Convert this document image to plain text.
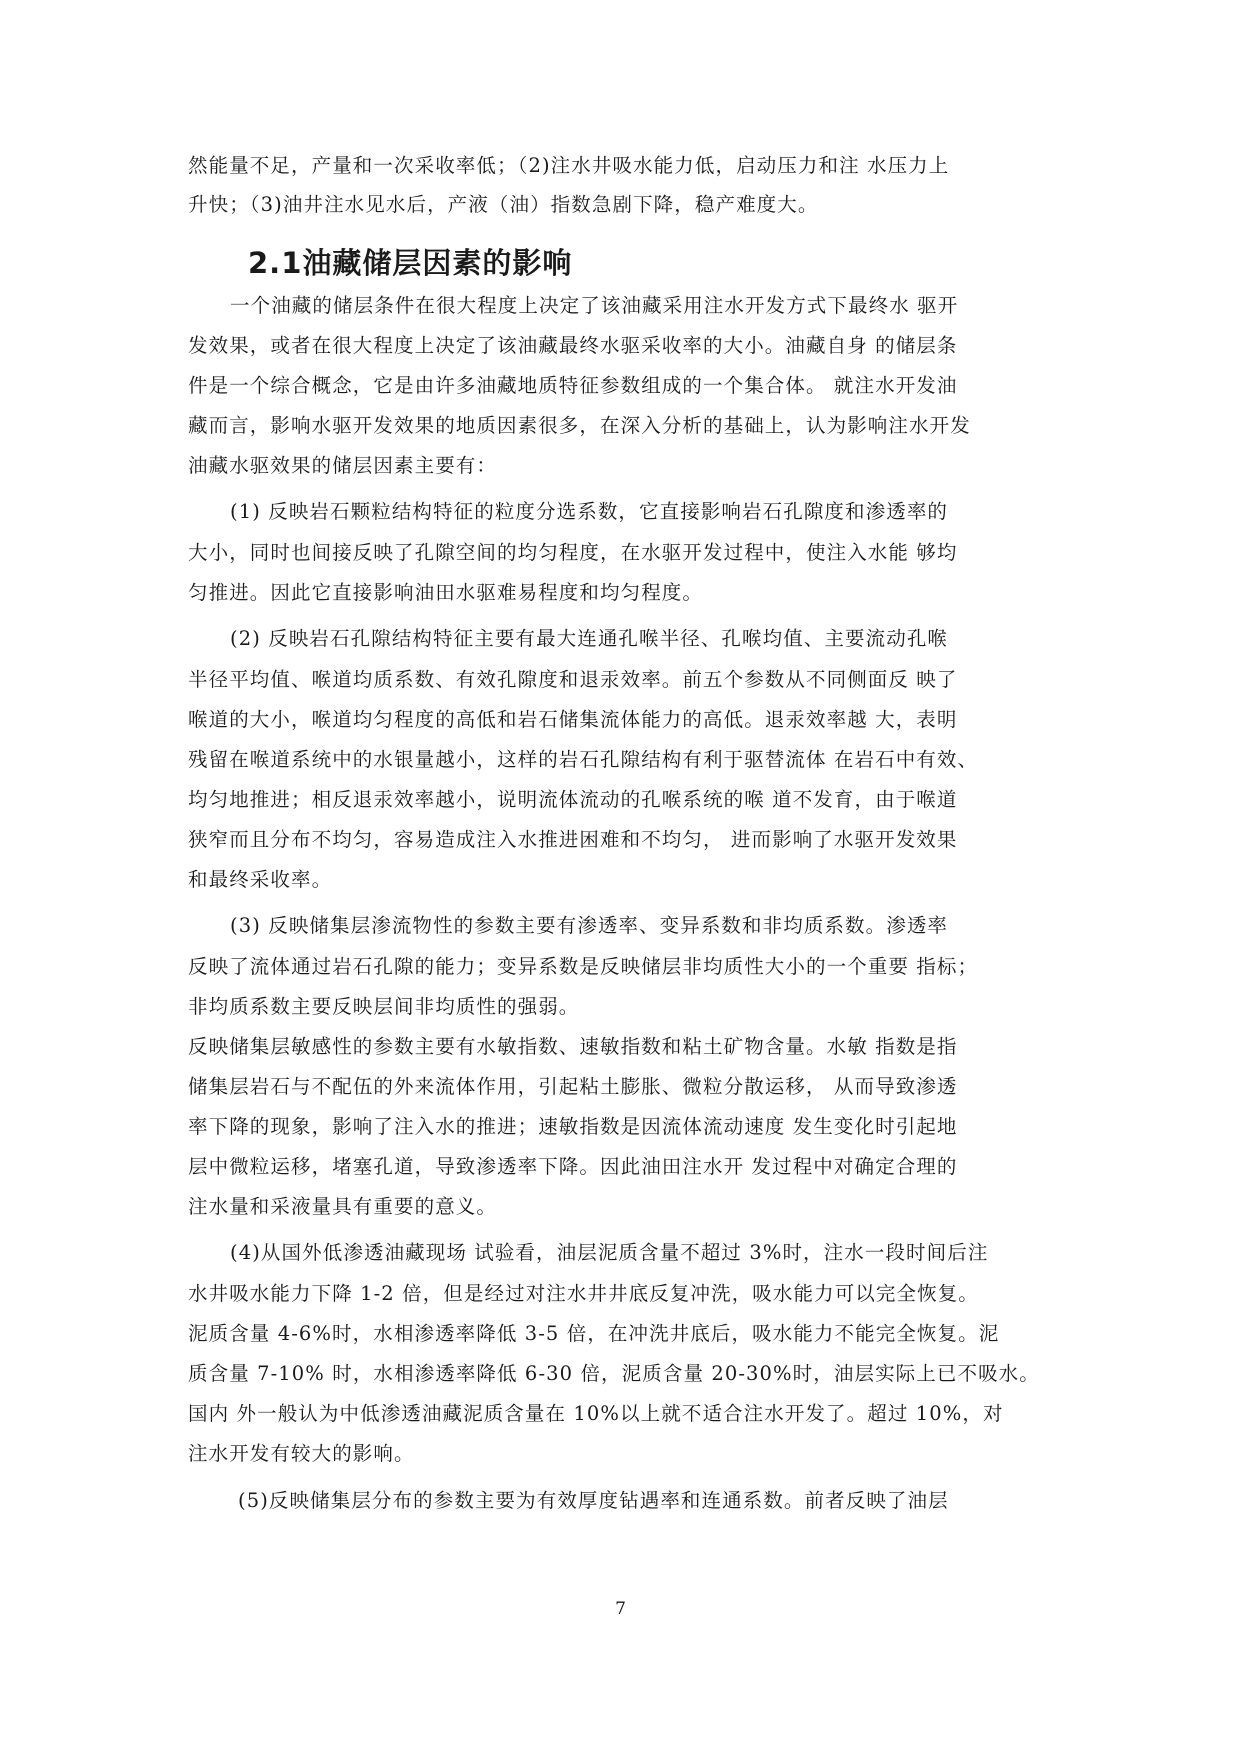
然能量不足，产量和一次采收率低；（2)注水井吸水能力低，启动压力和注 水压力上
升快；（3)油井注水见水后，产液（油）指数急剧下降，稳产难度大。
2.1油藏储层因素的影响
一个油藏的储层条件在很大程度上决定了该油藏采用注水开发方式下最终水 驱开
发效果，或者在很大程度上决定了该油藏最终水驱采收率的大小。油藏自身 的储层条
件是一个综合概念，它是由许多油藏地质特征参数组成的一个集合体。 就注水开发油
藏而言，影响水驱开发效果的地质因素很多，在深入分析的基础上，认为影响注水开发
油藏水驱效果的储层因素主要有：
(1) 反映岩石颗粒结构特征的粒度分选系数，它直接影响岩石孔隙度和渗透率的
大小，同时也间接反映了孔隙空间的均匀程度，在水驱开发过程中，使注入水能 够均
匀推进。因此它直接影响油田水驱难易程度和均匀程度。
(2) 反映岩石孔隙结构特征主要有最大连通孔喉半径、孔喉均值、主要流动孔喉
半径平均值、喉道均质系数、有效孔隙度和退汞效率。前五个参数从不同侧面反 映了
喉道的大小，喉道均匀程度的高低和岩石储集流体能力的高低。退汞效率越 大，表明
残留在喉道系统中的水银量越小，这样的岩石孔隙结构有利于驱替流体 在岩石中有效、
均匀地推进；相反退汞效率越小，说明流体流动的孔喉系统的喉 道不发育，由于喉道
狭窄而且分布不均匀，容易造成注入水推进困难和不均匀， 进而影响了水驱开发效果
和最终采收率。
(3) 反映储集层渗流物性的参数主要有渗透率、变异系数和非均质系数。渗透率
反映了流体通过岩石孔隙的能力；变异系数是反映储层非均质性大小的一个重要 指标；
非均质系数主要反映层间非均质性的强弱。
反映储集层敏感性的参数主要有水敏指数、速敏指数和粘土矿物含量。水敏 指数是指
储集层岩石与不配伍的外来流体作用，引起粘土膨胀、微粒分散运移， 从而导致渗透
率下降的现象，影响了注入水的推进；速敏指数是因流体流动速度 发生变化时引起地
层中微粒运移，堵塞孔道，导致渗透率下降。因此油田注水开 发过程中对确定合理的
注水量和采液量具有重要的意义。
(4)从国外低渗透油藏现场 试验看，油层泥质含量不超过 3%时，注水一段时间后注
水井吸水能力下降 1-2 倍，但是经过对注水井井底反复冲洗，吸水能力可以完全恢复。
泥质含量 4-6%时，水相渗透率降低 3-5 倍，在冲洗井底后，吸水能力不能完全恢复。泥
质含量 7-10% 时，水相渗透率降低 6-30 倍，泥质含量 20-30%时，油层实际上已不吸水。
国内 外一般认为中低渗透油藏泥质含量在 10%以上就不适合注水开发了。超过 10%，对
注水开发有较大的影响。
(5)反映储集层分布的参数主要为有效厚度钻遇率和连通系数。前者反映了油层
7
